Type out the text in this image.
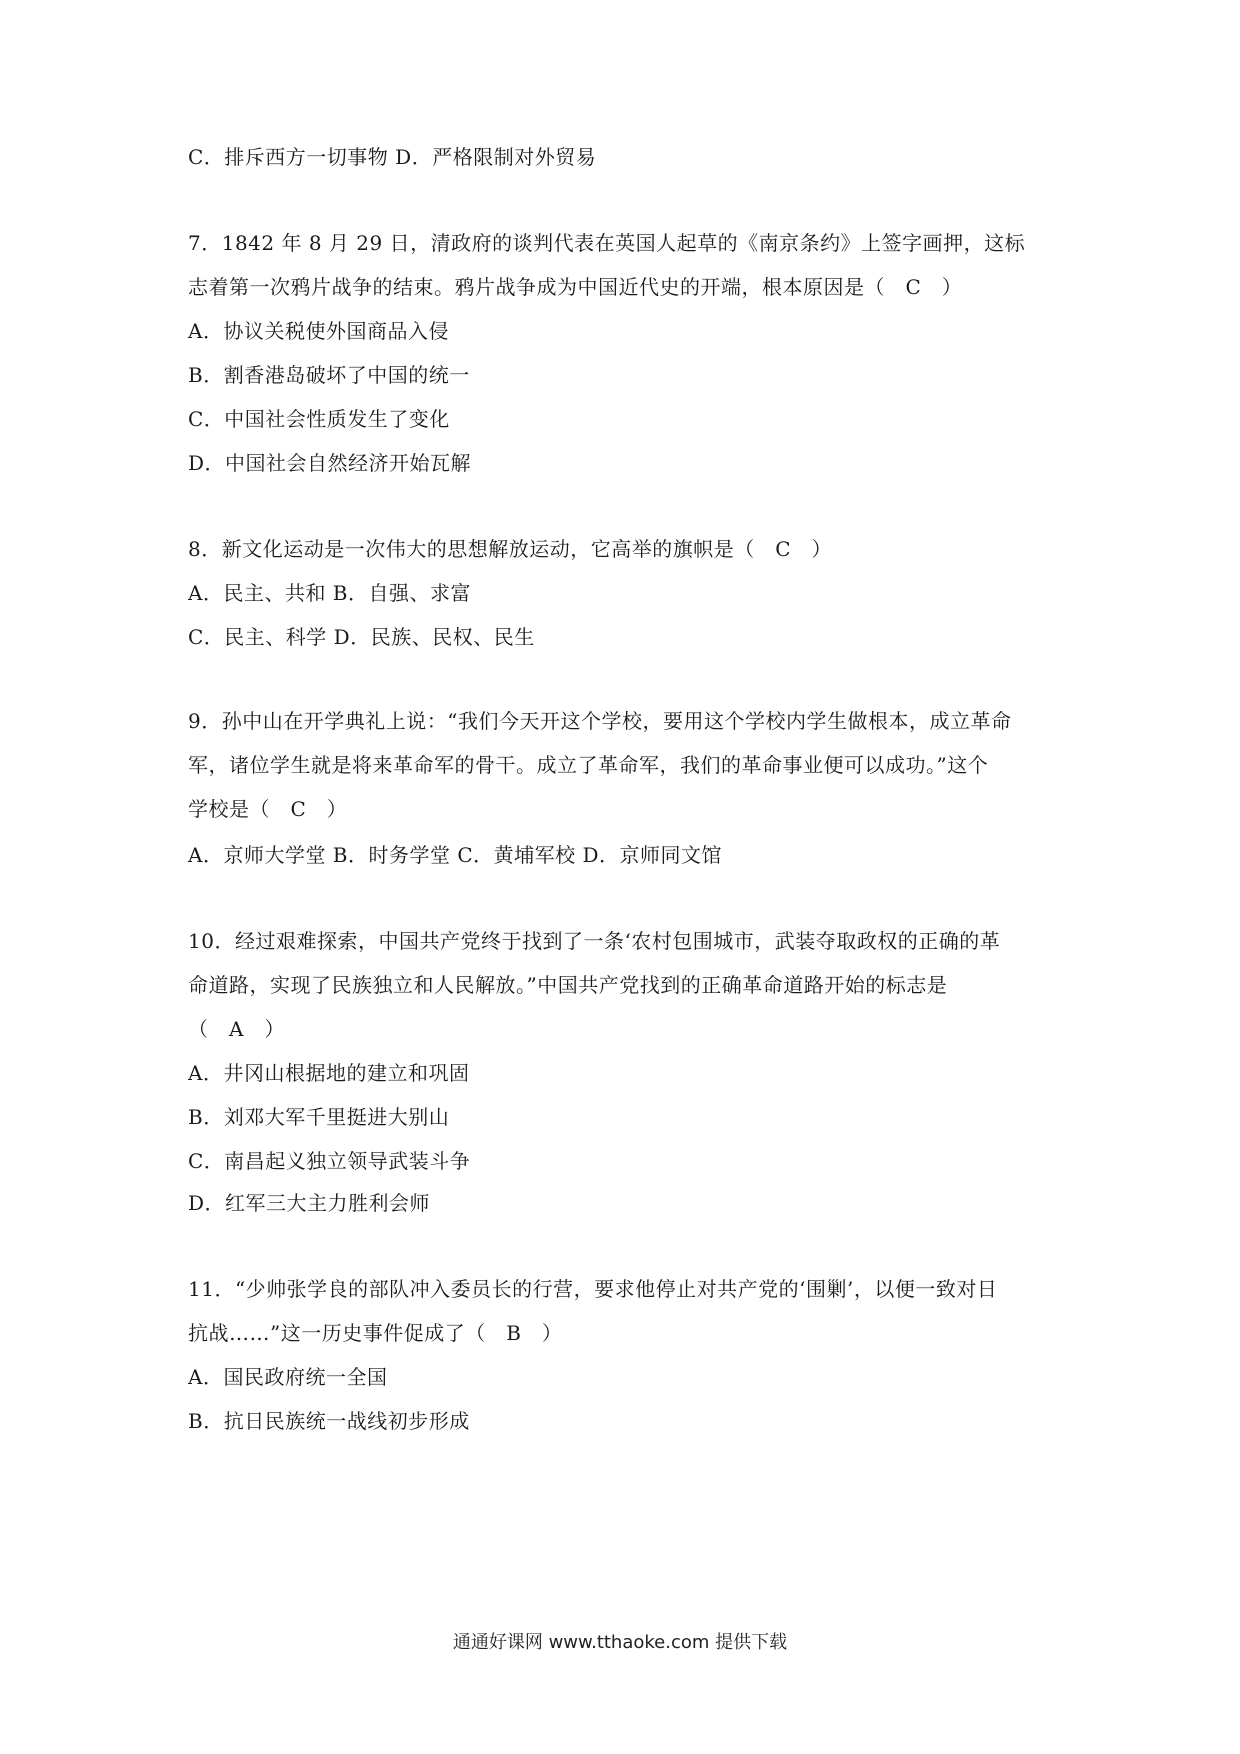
C．排斥西方一切事物 D．严格限制对外贸易
7．1842 年 8 月 29 日，清政府的谈判代表在英国人起草的《南京条约》上签字画押，这标
志着第一次鸦片战争的结束。鸦片战争成为中国近代史的开端，根本原因是（　C　）
A．协议关税使外国商品入侵
B．割香港岛破坏了中国的统一
C．中国社会性质发生了变化
D．中国社会自然经济开始瓦解
8．新文化运动是一次伟大的思想解放运动，它高举的旗帜是（　C　）
A．民主、共和 B．自强、求富
C．民主、科学 D．民族、民权、民生
9．孙中山在开学典礼上说：“我们今天开这个学校，要用这个学校内学生做根本，成立革命
军，诸位学生就是将来革命军的骨干。成立了革命军，我们的革命事业便可以成功。”这个
学校是（　C　）
A．京师大学堂 B．时务学堂 C．黄埔军校 D．京师同文馆
10．经过艰难探索，中国共产党终于找到了一条‘农村包围城市，武装夺取政权的正确的革
命道路，实现了民族独立和人民解放。”中国共产党找到的正确革命道路开始的标志是
（　A　）
A．井冈山根据地的建立和巩固
B．刘邓大军千里挺进大别山
C．南昌起义独立领导武装斗争
D．红军三大主力胜利会师
11．“少帅张学良的部队冲入委员长的行营，要求他停止对共产党的‘围剿’，以便一致对日
抗战……”这一历史事件促成了（　B　）
A．国民政府统一全国
B．抗日民族统一战线初步形成
通通好课网 www.tthaoke.com 提供下载
